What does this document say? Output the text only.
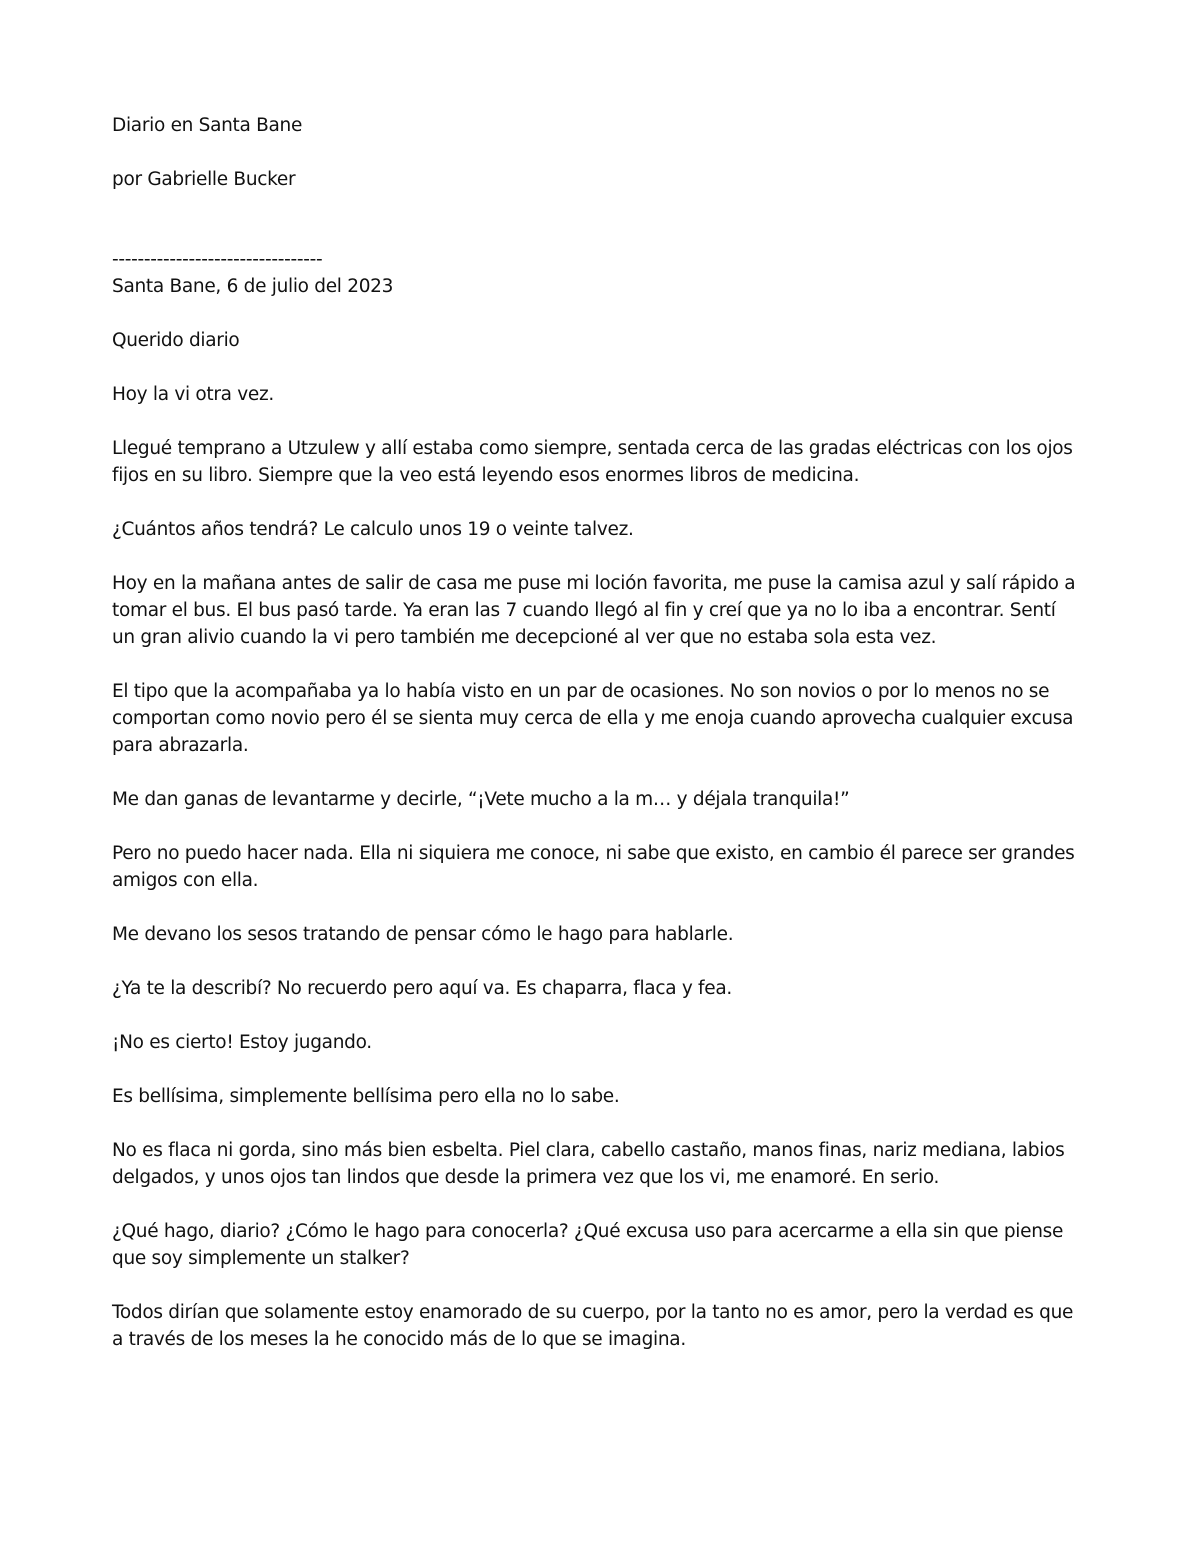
Diario en Santa Bane

por Gabrielle Bucker

---------------------------------

Santa Bane, 6 de julio del 2023

Querido diario

Hoy la vi otra vez.

Llegué temprano a Utzulew y allí estaba como siempre, sentada cerca de las gradas eléctricas con los ojos fijos en su libro. Siempre que la veo está leyendo esos enormes libros de medicina.

¿Cuántos años tendrá? Le calculo unos 19 o veinte talvez.

Hoy en la mañana antes de salir de casa me puse mi loción favorita, me puse la camisa azul y salí rápido a tomar el bus. El bus pasó tarde. Ya eran las 7 cuando llegó al fin y creí que ya no lo iba a encontrar. Sentí un gran alivio cuando la vi pero también me decepcioné al ver que no estaba sola esta vez.

El tipo que la acompañaba ya lo había visto en un par de ocasiones. No son novios o por lo menos no se comportan como novio pero él se sienta muy cerca de ella y me enoja cuando aprovecha cualquier excusa para abrazarla.

Me dan ganas de levantarme y decirle, “¡Vete mucho a la m… y déjala tranquila!”

Pero no puedo hacer nada. Ella ni siquiera me conoce, ni sabe que existo, en cambio él parece ser grandes amigos con ella.

Me devano los sesos tratando de pensar cómo le hago para hablarle.

¿Ya te la describí? No recuerdo pero aquí va. Es chaparra, flaca y fea.

¡No es cierto! Estoy jugando.

Es bellísima, simplemente bellísima pero ella no lo sabe.

No es flaca ni gorda, sino más bien esbelta. Piel clara, cabello castaño, manos finas, nariz mediana, labios delgados, y unos ojos tan lindos que desde la primera vez que los vi, me enamoré. En serio.

¿Qué hago, diario? ¿Cómo le hago para conocerla? ¿Qué excusa uso para acercarme a ella sin que piense que soy simplemente un stalker?

Todos dirían que solamente estoy enamorado de su cuerpo, por la tanto no es amor, pero la verdad es que a través de los meses la he conocido más de lo que se imagina.
